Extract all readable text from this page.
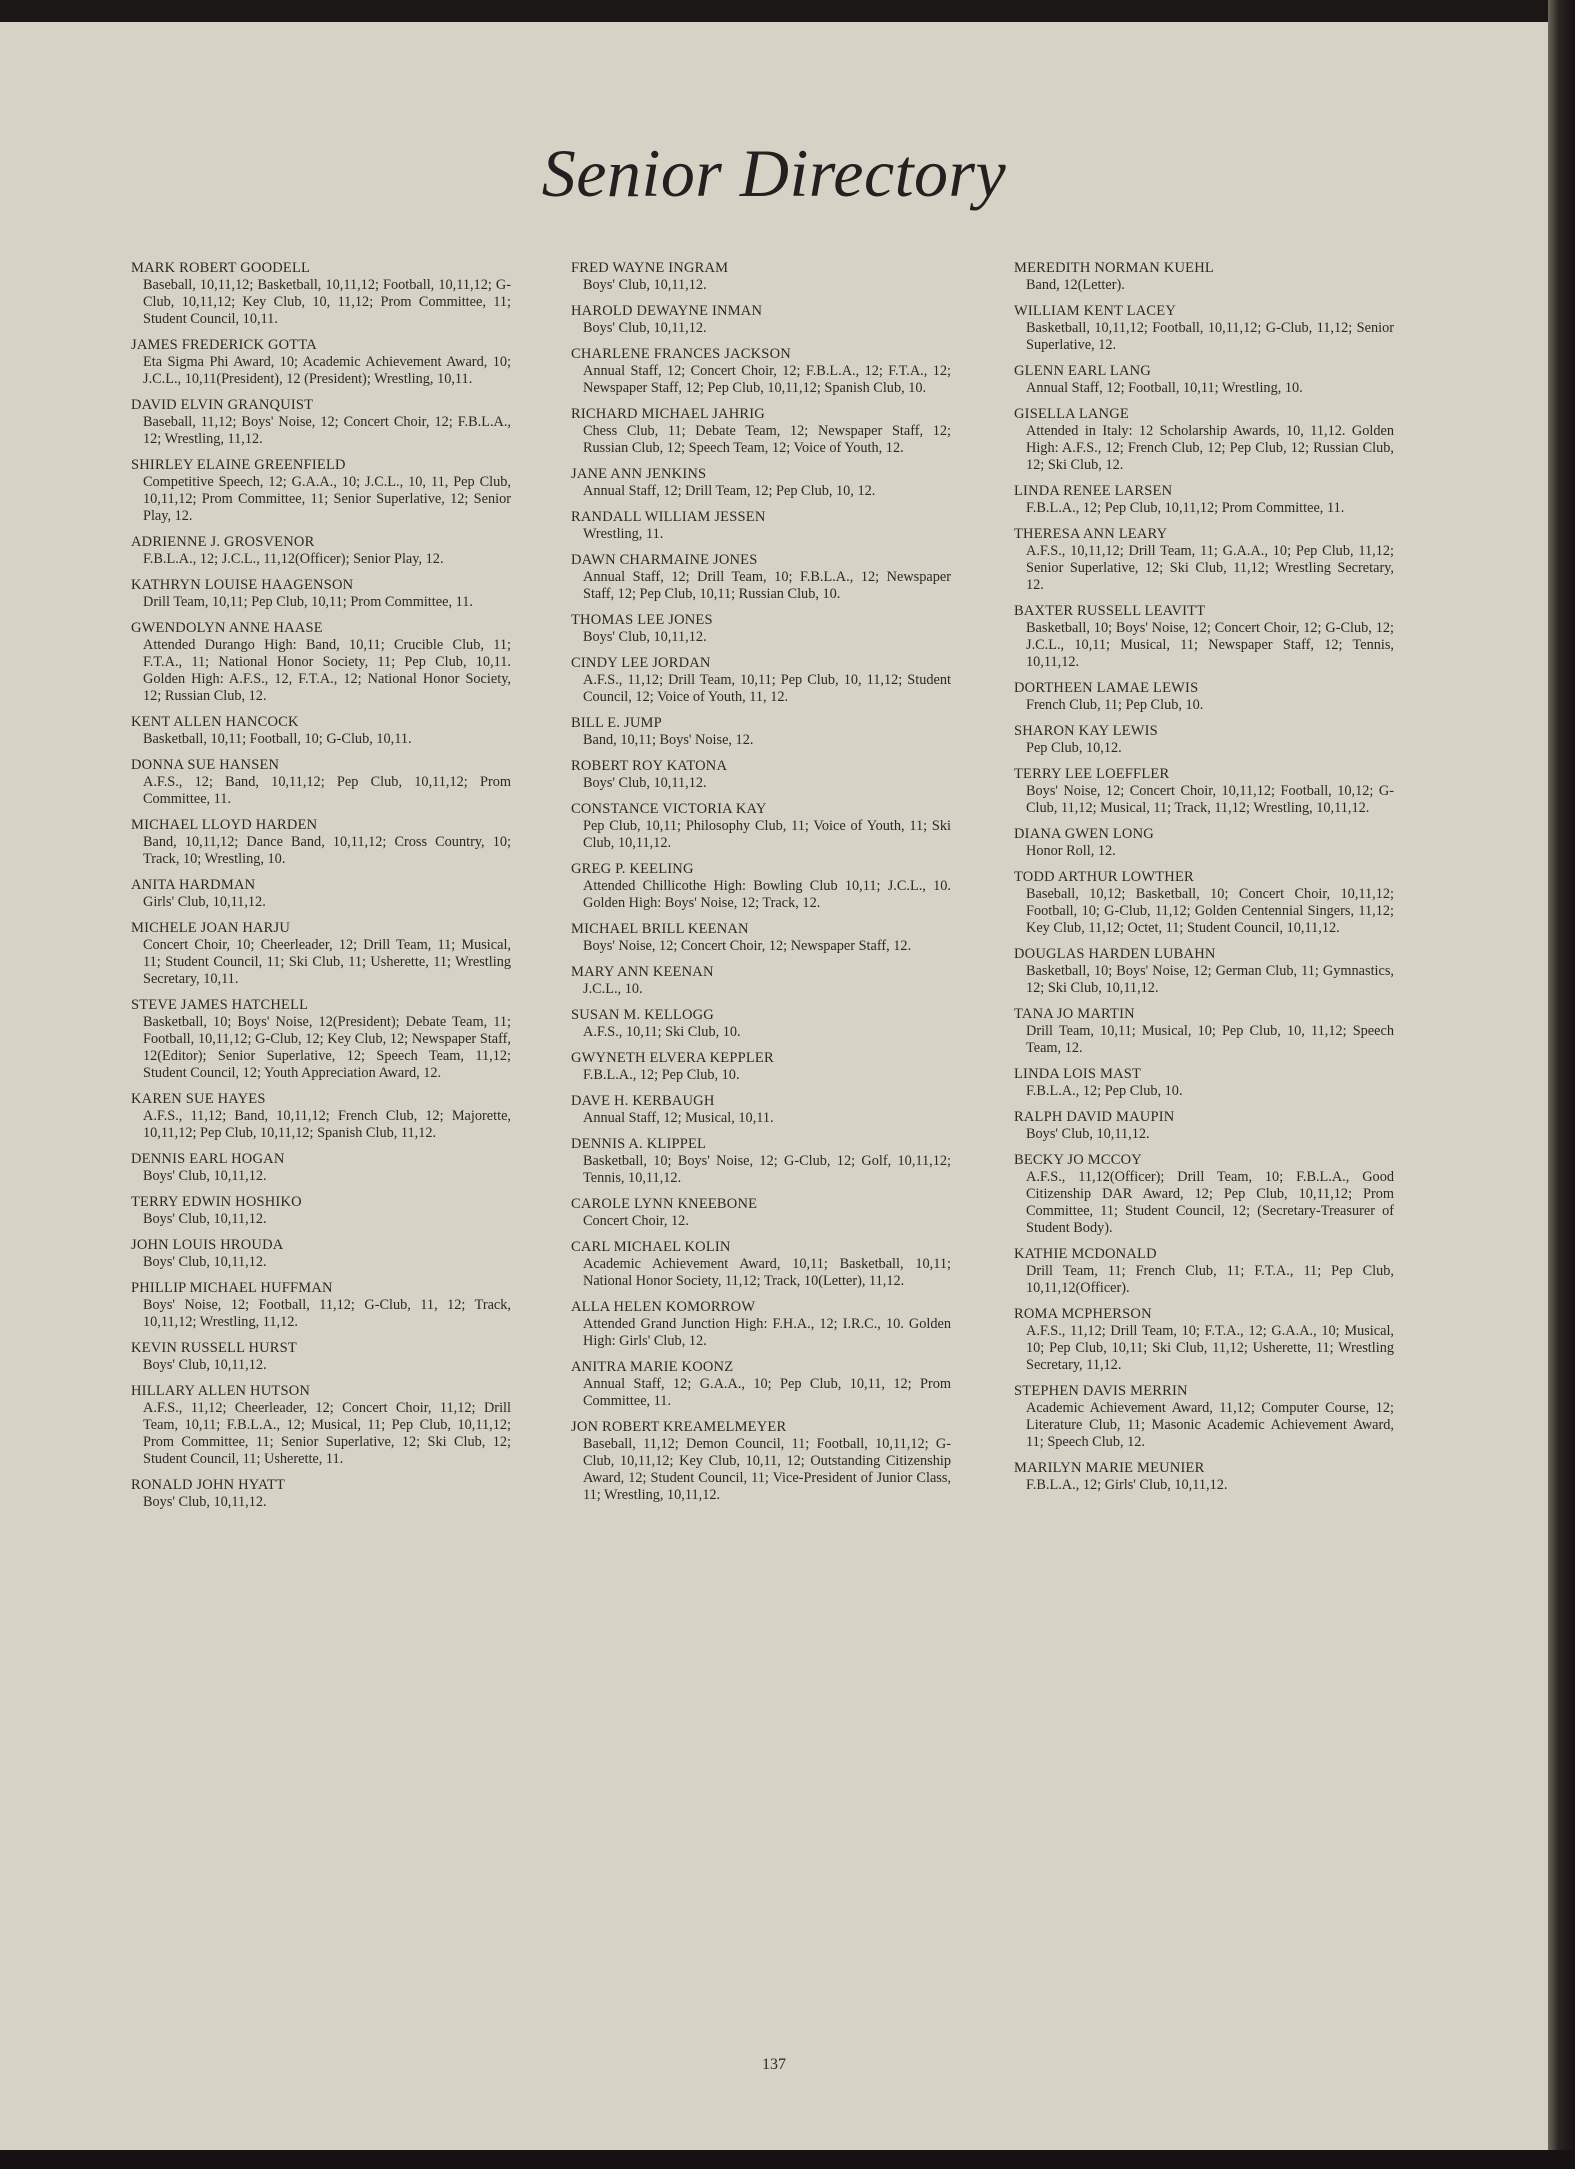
Senior Directory
MARK ROBERT GOODELL
Baseball, 10,11,12; Basketball, 10,11,12; Football, 10,11,12; G-Club, 10,11,12; Key Club, 10, 11,12; Prom Committee, 11; Student Council, 10,11.
JAMES FREDERICK GOTTA
Eta Sigma Phi Award, 10; Academic Achievement Award, 10; J.C.L., 10,11(President), 12 (President); Wrestling, 10,11.
DAVID ELVIN GRANQUIST
Baseball, 11,12; Boys' Noise, 12; Concert Choir, 12; F.B.L.A., 12; Wrestling, 11,12.
SHIRLEY ELAINE GREENFIELD
Competitive Speech, 12; G.A.A., 10; J.C.L., 10, 11, Pep Club, 10,11,12; Prom Committee, 11; Senior Superlative, 12; Senior Play, 12.
ADRIENNE J. GROSVENOR
F.B.L.A., 12; J.C.L., 11,12(Officer); Senior Play, 12.
KATHRYN LOUISE HAAGENSON
Drill Team, 10,11; Pep Club, 10,11; Prom Committee, 11.
GWENDOLYN ANNE HAASE
Attended Durango High: Band, 10,11; Crucible Club, 11; F.T.A., 11; National Honor Society, 11; Pep Club, 10,11. Golden High: A.F.S., 12, F.T.A., 12; National Honor Society, 12; Russian Club, 12.
KENT ALLEN HANCOCK
Basketball, 10,11; Football, 10; G-Club, 10,11.
DONNA SUE HANSEN
A.F.S., 12; Band, 10,11,12; Pep Club, 10,11,12; Prom Committee, 11.
MICHAEL LLOYD HARDEN
Band, 10,11,12; Dance Band, 10,11,12; Cross Country, 10; Track, 10; Wrestling, 10.
ANITA HARDMAN
Girls' Club, 10,11,12.
MICHELE JOAN HARJU
Concert Choir, 10; Cheerleader, 12; Drill Team, 11; Musical, 11; Student Council, 11; Ski Club, 11; Usherette, 11; Wrestling Secretary, 10,11.
STEVE JAMES HATCHELL
Basketball, 10; Boys' Noise, 12(President); Debate Team, 11; Football, 10,11,12; G-Club, 12; Key Club, 12; Newspaper Staff, 12(Editor); Senior Superlative, 12; Speech Team, 11,12; Student Council, 12; Youth Appreciation Award, 12.
KAREN SUE HAYES
A.F.S., 11,12; Band, 10,11,12; French Club, 12; Majorette, 10,11,12; Pep Club, 10,11,12; Spanish Club, 11,12.
DENNIS EARL HOGAN
Boys' Club, 10,11,12.
TERRY EDWIN HOSHIKO
Boys' Club, 10,11,12.
JOHN LOUIS HROUDA
Boys' Club, 10,11,12.
PHILLIP MICHAEL HUFFMAN
Boys' Noise, 12; Football, 11,12; G-Club, 11, 12; Track, 10,11,12; Wrestling, 11,12.
KEVIN RUSSELL HURST
Boys' Club, 10,11,12.
HILLARY ALLEN HUTSON
A.F.S., 11,12; Cheerleader, 12; Concert Choir, 11,12; Drill Team, 10,11; F.B.L.A., 12; Musical, 11; Pep Club, 10,11,12; Prom Committee, 11; Senior Superlative, 12; Ski Club, 12; Student Council, 11; Usherette, 11.
RONALD JOHN HYATT
Boys' Club, 10,11,12.
FRED WAYNE INGRAM
Boys' Club, 10,11,12.
HAROLD DEWAYNE INMAN
Boys' Club, 10,11,12.
CHARLENE FRANCES JACKSON
Annual Staff, 12; Concert Choir, 12; F.B.L.A., 12; F.T.A., 12; Newspaper Staff, 12; Pep Club, 10,11,12; Spanish Club, 10.
RICHARD MICHAEL JAHRIG
Chess Club, 11; Debate Team, 12; Newspaper Staff, 12; Russian Club, 12; Speech Team, 12; Voice of Youth, 12.
JANE ANN JENKINS
Annual Staff, 12; Drill Team, 12; Pep Club, 10, 12.
RANDALL WILLIAM JESSEN
Wrestling, 11.
DAWN CHARMAINE JONES
Annual Staff, 12; Drill Team, 10; F.B.L.A., 12; Newspaper Staff, 12; Pep Club, 10,11; Russian Club, 10.
THOMAS LEE JONES
Boys' Club, 10,11,12.
CINDY LEE JORDAN
A.F.S., 11,12; Drill Team, 10,11; Pep Club, 10, 11,12; Student Council, 12; Voice of Youth, 11, 12.
BILL E. JUMP
Band, 10,11; Boys' Noise, 12.
ROBERT ROY KATONA
Boys' Club, 10,11,12.
CONSTANCE VICTORIA KAY
Pep Club, 10,11; Philosophy Club, 11; Voice of Youth, 11; Ski Club, 10,11,12.
GREG P. KEELING
Attended Chillicothe High: Bowling Club 10,11; J.C.L., 10. Golden High: Boys' Noise, 12; Track, 12.
MICHAEL BRILL KEENAN
Boys' Noise, 12; Concert Choir, 12; Newspaper Staff, 12.
MARY ANN KEENAN
J.C.L., 10.
SUSAN M. KELLOGG
A.F.S., 10,11; Ski Club, 10.
GWYNETH ELVERA KEPPLER
F.B.L.A., 12; Pep Club, 10.
DAVE H. KERBAUGH
Annual Staff, 12; Musical, 10,11.
DENNIS A. KLIPPEL
Basketball, 10; Boys' Noise, 12; G-Club, 12; Golf, 10,11,12; Tennis, 10,11,12.
CAROLE LYNN KNEEBONE
Concert Choir, 12.
CARL MICHAEL KOLIN
Academic Achievement Award, 10,11; Basketball, 10,11; National Honor Society, 11,12; Track, 10(Letter), 11,12.
ALLA HELEN KOMORROW
Attended Grand Junction High: F.H.A., 12; I.R.C., 10. Golden High: Girls' Club, 12.
ANITRA MARIE KOONZ
Annual Staff, 12; G.A.A., 10; Pep Club, 10,11, 12; Prom Committee, 11.
JON ROBERT KREAMELMEYER
Baseball, 11,12; Demon Council, 11; Football, 10,11,12; G-Club, 10,11,12; Key Club, 10,11, 12; Outstanding Citizenship Award, 12; Student Council, 11; Vice-President of Junior Class, 11; Wrestling, 10,11,12.
MEREDITH NORMAN KUEHL
Band, 12(Letter).
WILLIAM KENT LACEY
Basketball, 10,11,12; Football, 10,11,12; G-Club, 11,12; Senior Superlative, 12.
GLENN EARL LANG
Annual Staff, 12; Football, 10,11; Wrestling, 10.
GISELLA LANGE
Attended in Italy: 12 Scholarship Awards, 10, 11,12. Golden High: A.F.S., 12; French Club, 12; Pep Club, 12; Russian Club, 12; Ski Club, 12.
LINDA RENEE LARSEN
F.B.L.A., 12; Pep Club, 10,11,12; Prom Committee, 11.
THERESA ANN LEARY
A.F.S., 10,11,12; Drill Team, 11; G.A.A., 10; Pep Club, 11,12; Senior Superlative, 12; Ski Club, 11,12; Wrestling Secretary, 12.
BAXTER RUSSELL LEAVITT
Basketball, 10; Boys' Noise, 12; Concert Choir, 12; G-Club, 12; J.C.L., 10,11; Musical, 11; Newspaper Staff, 12; Tennis, 10,11,12.
DORTHEEN LAMAE LEWIS
French Club, 11; Pep Club, 10.
SHARON KAY LEWIS
Pep Club, 10,12.
TERRY LEE LOEFFLER
Boys' Noise, 12; Concert Choir, 10,11,12; Football, 10,12; G-Club, 11,12; Musical, 11; Track, 11,12; Wrestling, 10,11,12.
DIANA GWEN LONG
Honor Roll, 12.
TODD ARTHUR LOWTHER
Baseball, 10,12; Basketball, 10; Concert Choir, 10,11,12; Football, 10; G-Club, 11,12; Golden Centennial Singers, 11,12; Key Club, 11,12; Octet, 11; Student Council, 10,11,12.
DOUGLAS HARDEN LUBAHN
Basketball, 10; Boys' Noise, 12; German Club, 11; Gymnastics, 12; Ski Club, 10,11,12.
TANA JO MARTIN
Drill Team, 10,11; Musical, 10; Pep Club, 10, 11,12; Speech Team, 12.
LINDA LOIS MAST
F.B.L.A., 12; Pep Club, 10.
RALPH DAVID MAUPIN
Boys' Club, 10,11,12.
BECKY JO MCCOY
A.F.S., 11,12(Officer); Drill Team, 10; F.B.L.A., Good Citizenship DAR Award, 12; Pep Club, 10,11,12; Prom Committee, 11; Student Council, 12; (Secretary-Treasurer of Student Body).
KATHIE MCDONALD
Drill Team, 11; French Club, 11; F.T.A., 11; Pep Club, 10,11,12(Officer).
ROMA MCPHERSON
A.F.S., 11,12; Drill Team, 10; F.T.A., 12; G.A.A., 10; Musical, 10; Pep Club, 10,11; Ski Club, 11,12; Usherette, 11; Wrestling Secretary, 11,12.
STEPHEN DAVIS MERRIN
Academic Achievement Award, 11,12; Computer Course, 12; Literature Club, 11; Masonic Academic Achievement Award, 11; Speech Club, 12.
MARILYN MARIE MEUNIER
F.B.L.A., 12; Girls' Club, 10,11,12.
137
